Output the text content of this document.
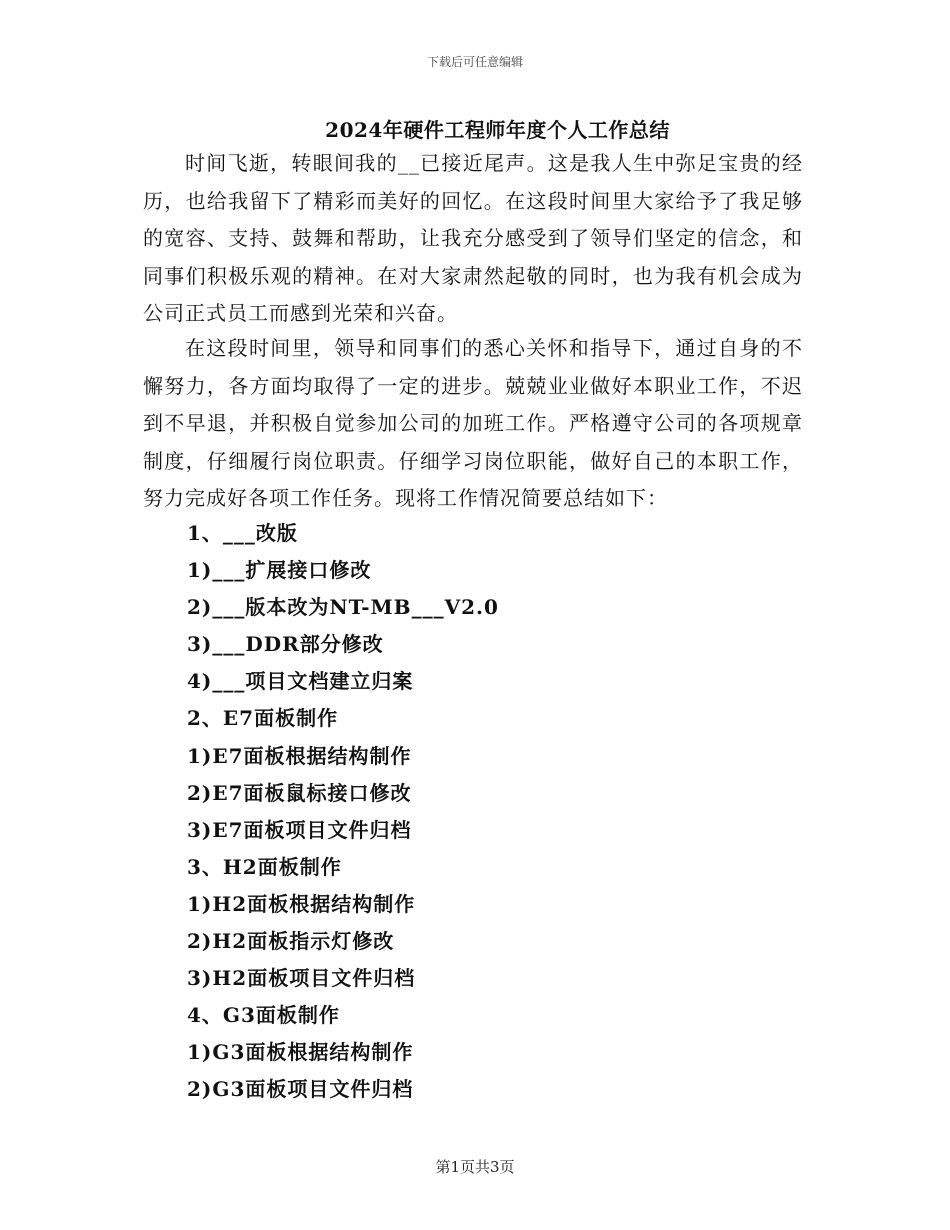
下载后可任意编辑
2024年硬件工程师年度个人工作总结

时间飞逝，转眼间我的__已接近尾声。这是我人生中弥足宝贵的经历，也给我留下了精彩而美好的回忆。在这段时间里大家给予了我足够的宽容、支持、鼓舞和帮助，让我充分感受到了领导们坚定的信念，和同事们积极乐观的精神。在对大家肃然起敬的同时，也为我有机会成为公司正式员工而感到光荣和兴奋。

在这段时间里，领导和同事们的悉心关怀和指导下，通过自身的不懈努力，各方面均取得了一定的进步。兢兢业业做好本职业工作，不迟到不早退，并积极自觉参加公司的加班工作。严格遵守公司的各项规章制度，仔细履行岗位职责。仔细学习岗位职能，做好自己的本职工作，努力完成好各项工作任务。现将工作情况简要总结如下：

1、___改版
1)___扩展接口修改
2)___版本改为NT-MB___V2.0
3)___DDR部分修改
4)___项目文档建立归案
2、E7面板制作
1)E7面板根据结构制作
2)E7面板鼠标接口修改
3)E7面板项目文件归档
3、H2面板制作
1)H2面板根据结构制作
2)H2面板指示灯修改
3)H2面板项目文件归档
4、G3面板制作
1)G3面板根据结构制作
2)G3面板项目文件归档
第1页共3页
